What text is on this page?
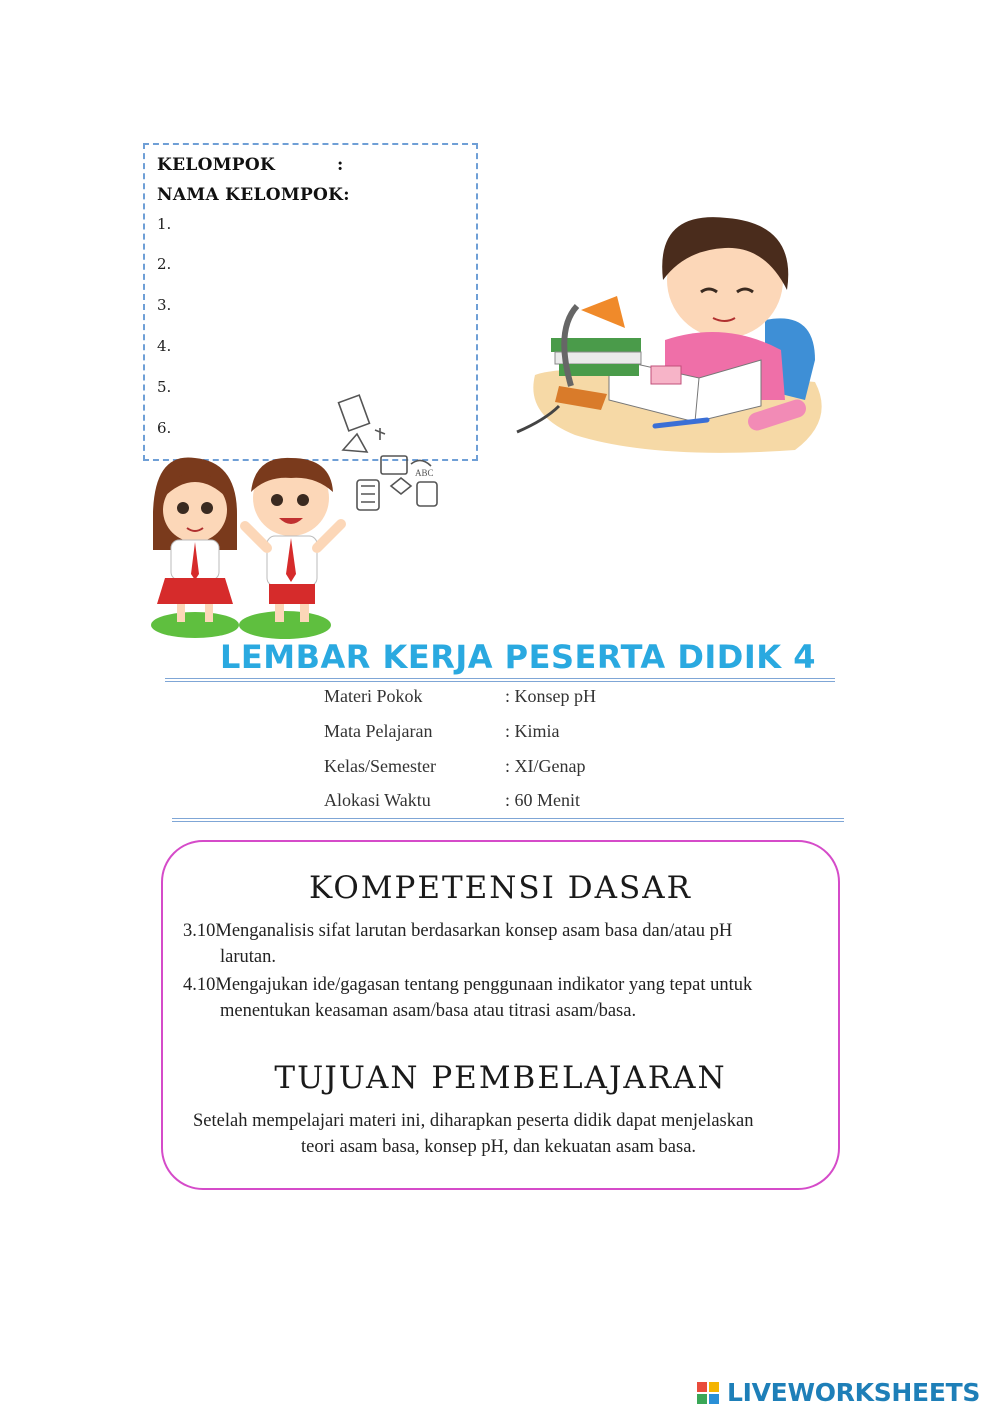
KELOMPOK	:
NAMA KELOMPOK:
1.
2.
3.
4.
5.
6.
ABC
LEMBAR KERJA PESERTA DIDIK 4
Materi Pokok	: Konsep pH
Mata Pelajaran	: Kimia
Kelas/Semester	: XI/Genap
Alokasi Waktu	: 60 Menit
KOMPETENSI DASAR
3.10Menganalisis sifat larutan berdasarkan konsep asam basa dan/atau pH
larutan.
4.10Mengajukan ide/gagasan tentang penggunaan indikator yang tepat untuk
menentukan keasaman asam/basa atau titrasi asam/basa.
TUJUAN PEMBELAJARAN
Setelah mempelajari materi ini, diharapkan peserta didik dapat menjelaskan
teori asam basa, konsep pH, dan kekuatan asam basa.
LIVEWORKSHEETS
